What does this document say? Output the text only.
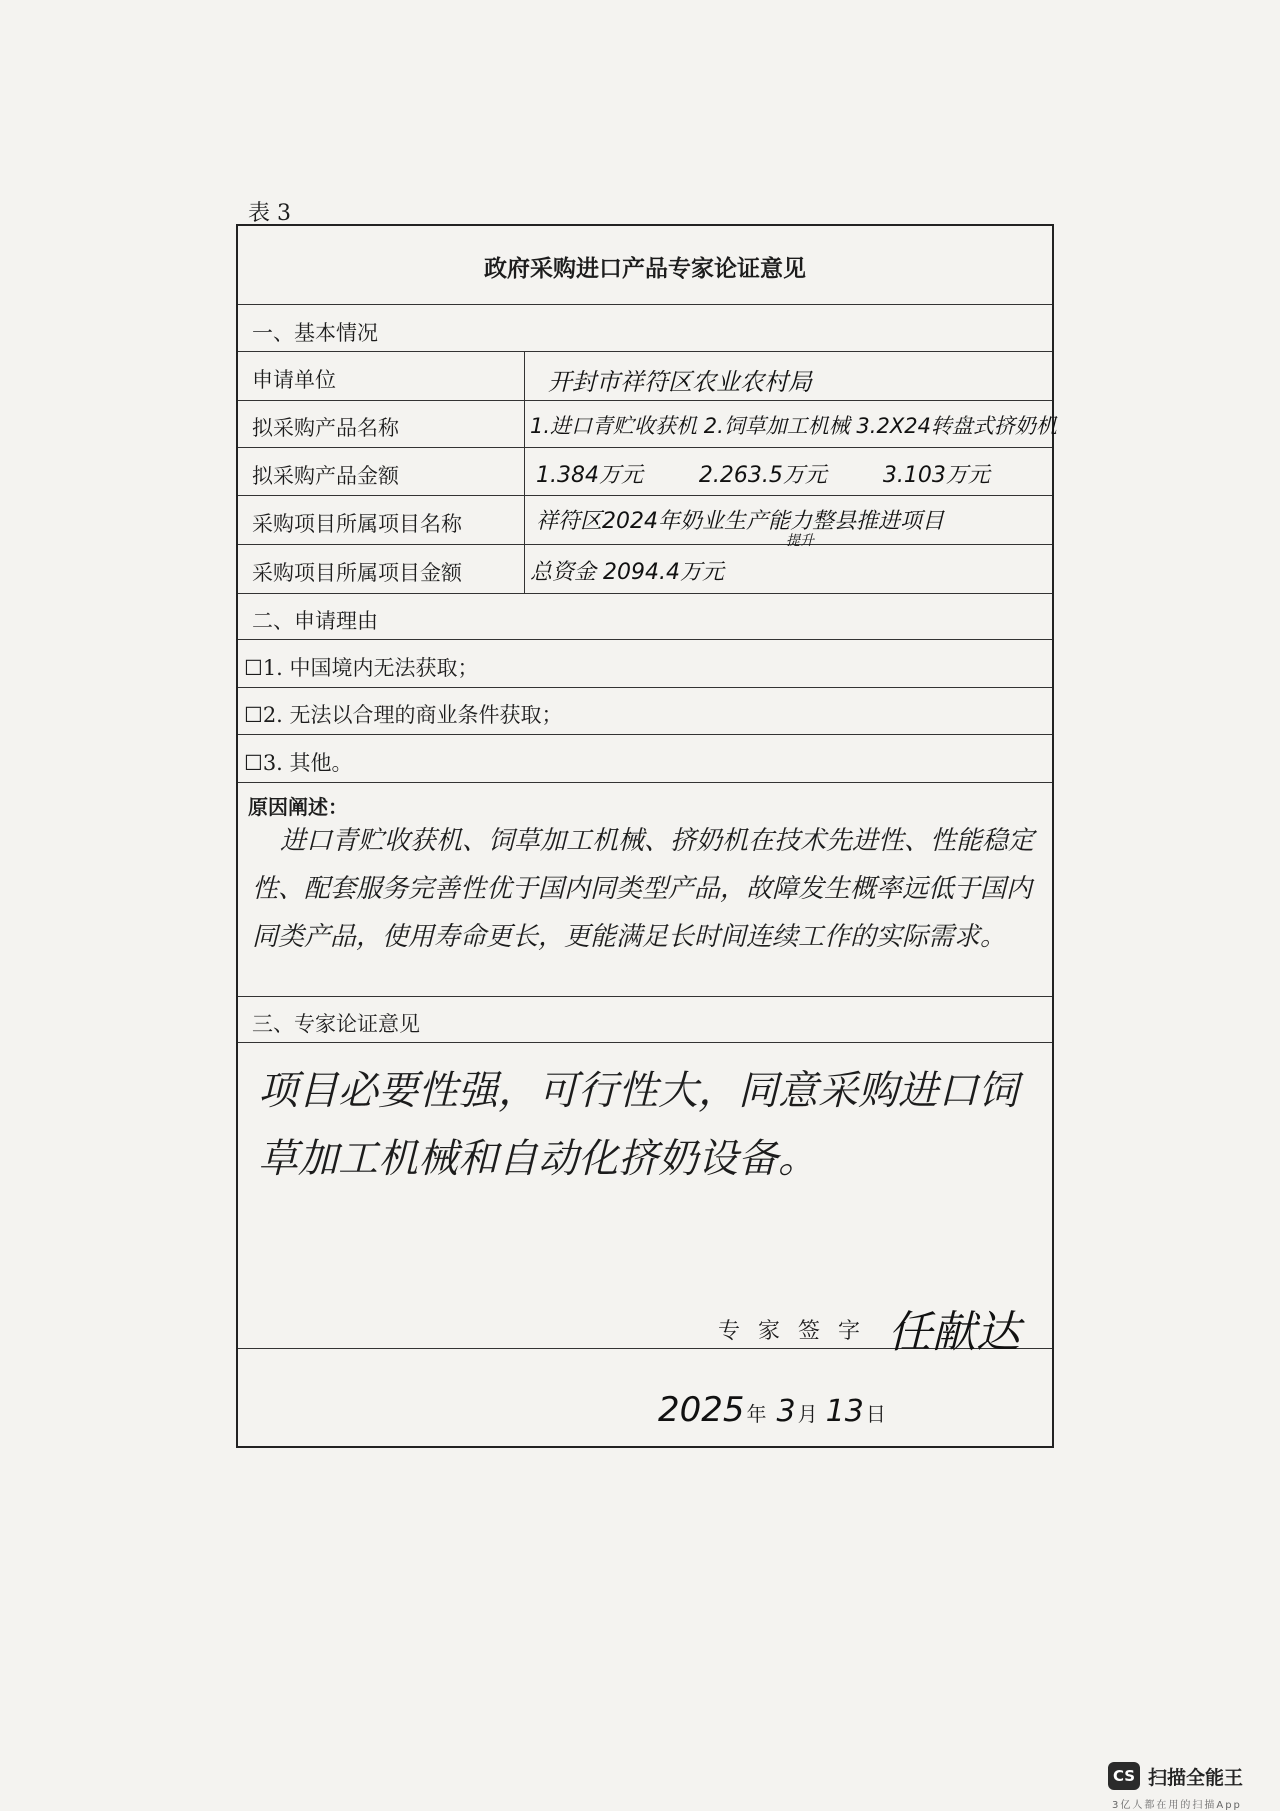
表 3
政府采购进口产品专家论证意见
一、基本情况
申请单位	开封市祥符区农业农村局
拟采购产品名称	1.进口青贮收获机 2.饲草加工机械 3.2X24转盘式挤奶机
拟采购产品金额	1.384万元        2.263.5万元        3.103万元
采购项目所属项目名称	祥符区2024年奶业生产能力整县推进项目
提升
采购项目所属项目金额	总资金 2094.4万元
二、申请理由
☐1. 中国境内无法获取；
☐2. 无法以合理的商业条件获取；
☐3. 其他。
原因阐述：
进口青贮收获机、饲草加工机械、挤奶机在技术先进性、性能稳定性、配套服务完善性优于国内同类型产品，故障发生概率远低于国内同类产品，使用寿命更长，更能满足长时间连续工作的实际需求。
三、专家论证意见
项目必要性强，可行性大，同意采购进口饲草加工机械和自动化挤奶设备。
专家签字 任献达
2025 年 3 月 13 日
CS 扫描全能王
3亿人都在用的扫描App
